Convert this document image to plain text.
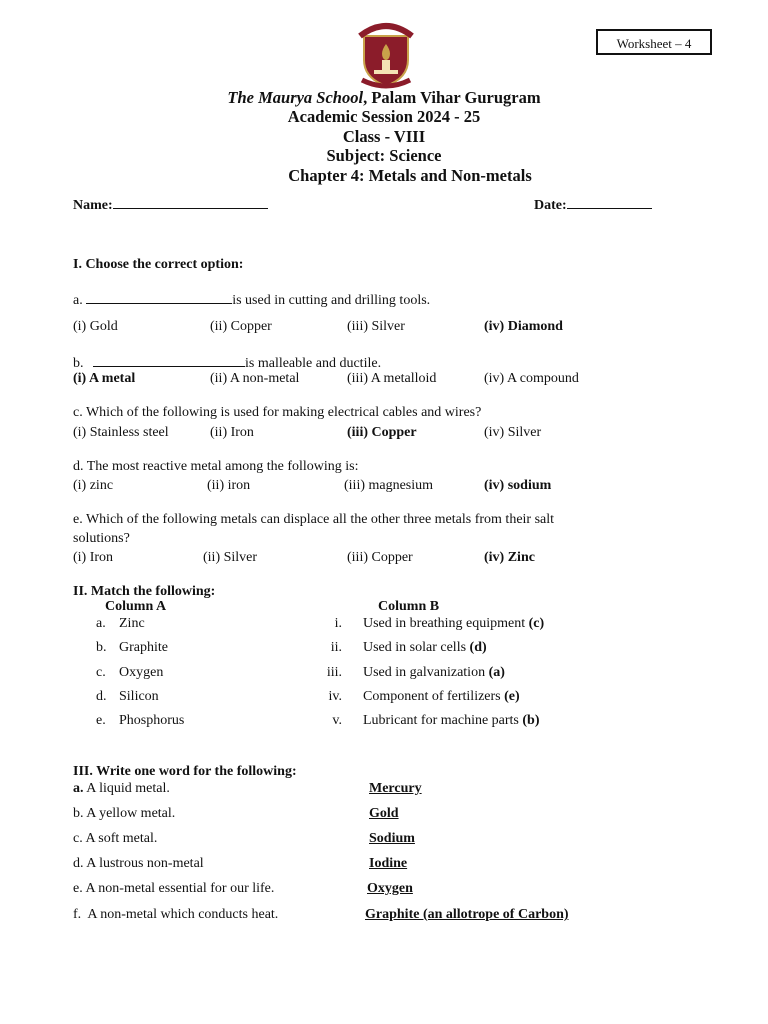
Worksheet – 4
The Maurya School, Palam Vihar Gurugram
Academic Session 2024 - 25
Class - VIII
Subject: Science
Chapter 4: Metals and Non-metals
Name:	Date:
I. Choose the correct option:
a.	is used in cutting and drilling tools.
(i) Gold	(ii) Copper	(iii) Silver	(iv) Diamond
b.	is malleable and ductile.
(i) A metal	(ii) A non-metal	(iii) A metalloid	(iv) A compound
c. Which of the following is used for making electrical cables and wires?
(i) Stainless steel	(ii) Iron	(iii) Copper	(iv) Silver
d. The most reactive metal among the following is:
(i) zinc	(ii) iron	(iii) magnesium	(iv) sodium
e. Which of the following metals can displace all the other three metals from their salt
solutions?
(i) Iron	(ii) Silver	(iii) Copper	(iv) Zinc
II. Match the following:
Column A	Column B
a. Zinc	i. Used in breathing equipment (c)
b. Graphite	ii. Used in solar cells (d)
c. Oxygen	iii. Used in galvanization (a)
d. Silicon	iv. Component of fertilizers (e)
e. Phosphorus	v. Lubricant for machine parts (b)
III. Write one word for the following:
a. A liquid metal.	Mercury
b. A yellow metal.	Gold
c. A soft metal.	Sodium
d. A lustrous non-metal	Iodine
e. A non-metal essential for our life.	Oxygen
f. A non-metal which conducts heat.	Graphite (an allotrope of Carbon)
